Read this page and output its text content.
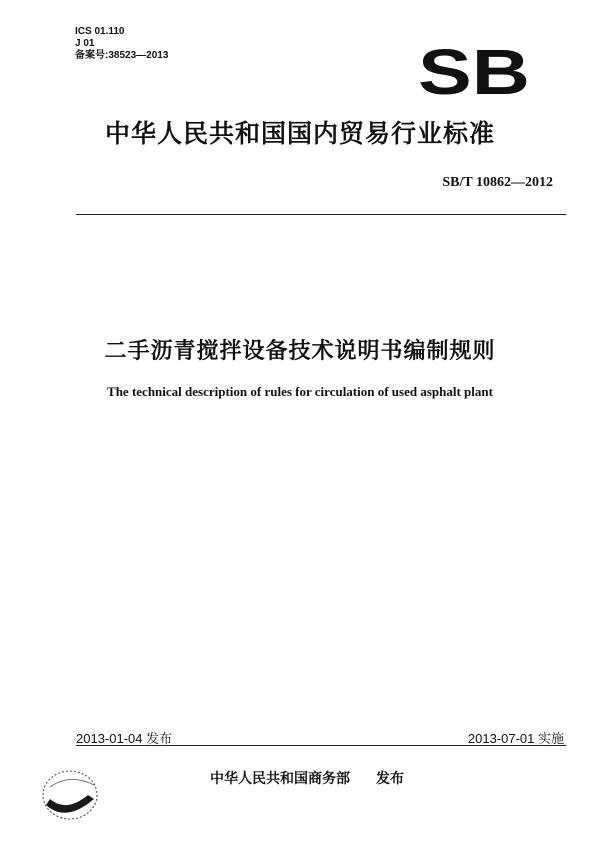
ICS 01.110
J 01
备案号:38523—2013	SB
中华人民共和国国内贸易行业标准
SB/T 10862—2012
二手沥青搅拌设备技术说明书编制规则
The technical description of rules for circulation of used asphalt plant
2013-01-04 发布	2013-07-01 实施
中华人民共和国商务部 发布
